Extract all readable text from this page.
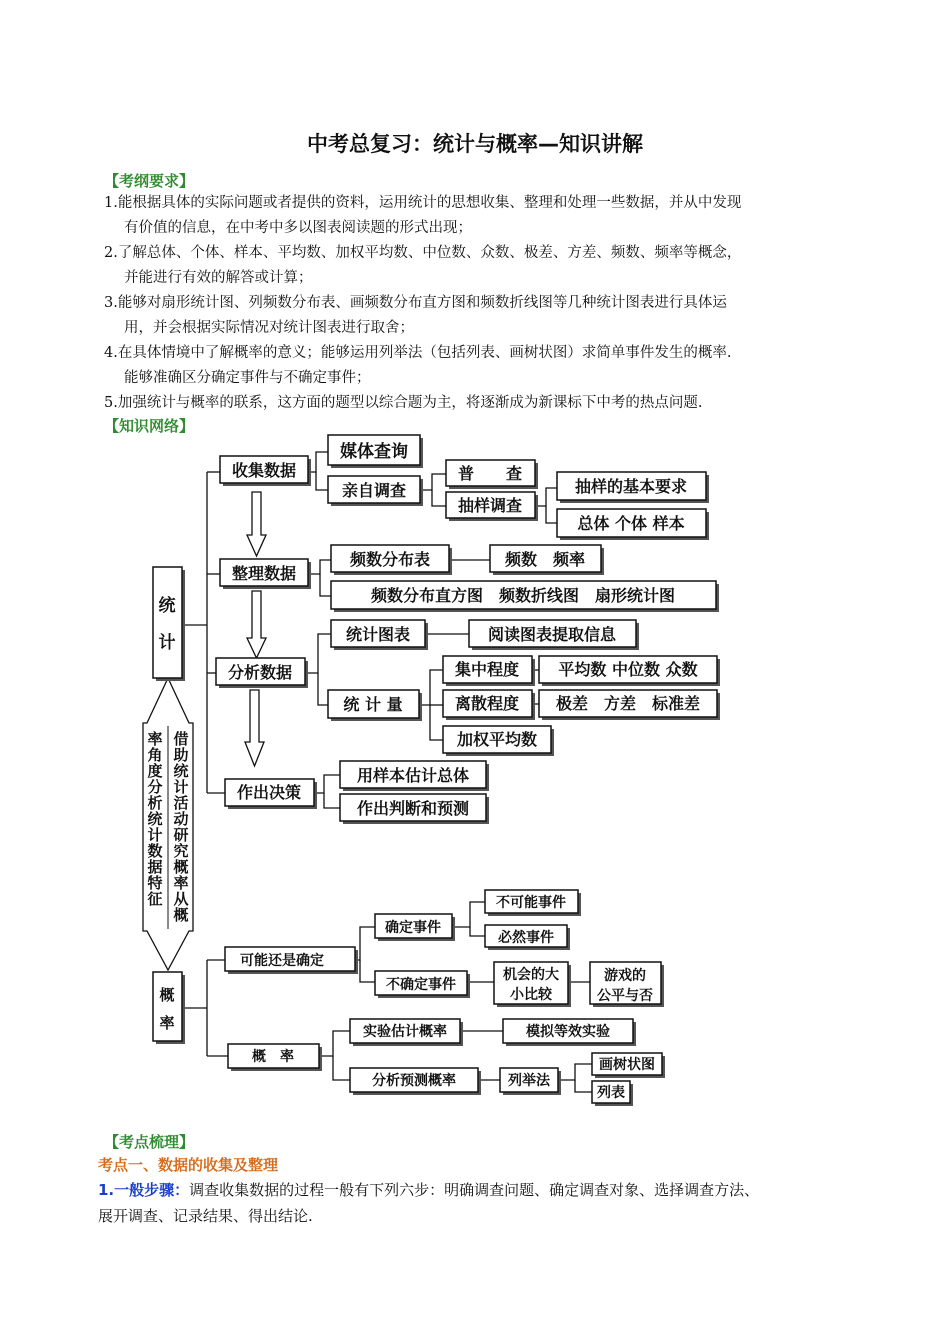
中考总复习：统计与概率—知识讲解
【考纲要求】
1.能根据具体的实际问题或者提供的资料，运用统计的思想收集、整理和处理一些数据，并从中发现
有价值的信息，在中考中多以图表阅读题的形式出现；
2.了解总体、个体、样本、平均数、加权平均数、中位数、众数、极差、方差、频数、频率等概念，
并能进行有效的解答或计算；
3.能够对扇形统计图、列频数分布表、画频数分布直方图和频数折线图等几种统计图表进行具体运
用，并会根据实际情况对统计图表进行取舍；
4.在具体情境中了解概率的意义；能够运用列举法（包括列表、画树状图）求简单事件发生的概率.
能够准确区分确定事件与不确定事件；
5.加强统计与概率的联系，这方面的题型以综合题为主，将逐渐成为新课标下中考的热点问题.
【知识网络】
借
助
统
计
活
动
研
究
概
率
从
概
率
角
度
分
析
统
计
数
据
特
征
统
计
收集数据
媒体查询
亲自调查
普　　查
抽样调查
抽样的基本要求
总体 个体 样本
整理数据
频数分布表	频数　频率
频数分布直方图　频数折线图　扇形统计图
分析数据
统计图表	阅读图表提取信息
统 计 量
集中程度 平均数 中位数 众数
离散程度 极差　方差　标准差
加权平均数
作出决策
用样本估计总体
作出判断和预测
概
率
可能还是确定
确定事件
不可能事件
必然事件
不确定事件
机会的大
小比较
游戏的
公平与否
概　率
实验估计概率	模拟等效实验
分析预测概率	列举法
画树状图
列表
【考点梳理】
考点一、数据的收集及整理
1.一般步骤：调查收集数据的过程一般有下列六步：明确调查问题、确定调查对象、选择调查方法、
展开调查、记录结果、得出结论.
